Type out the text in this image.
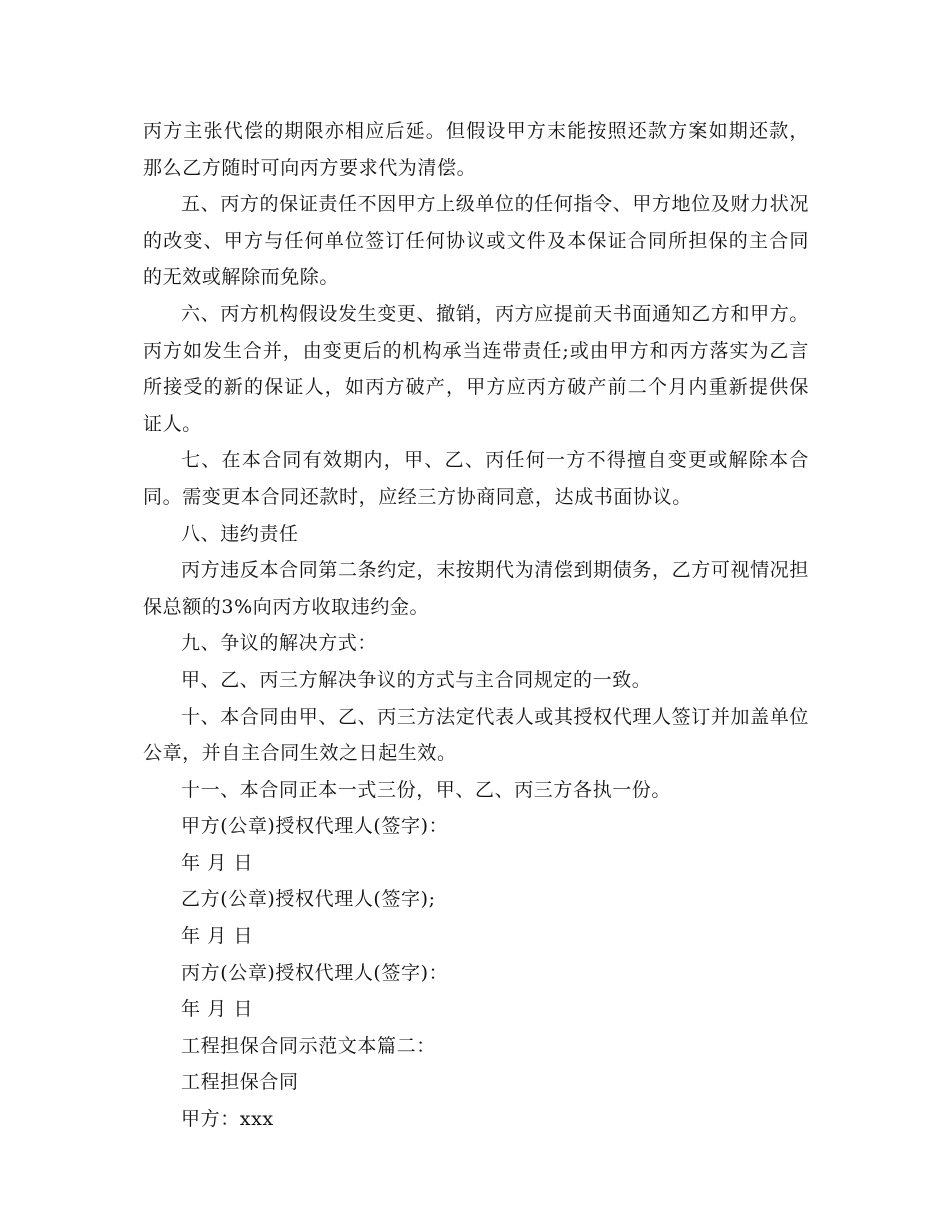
丙方主张代偿的期限亦相应后延。但假设甲方末能按照还款方案如期还款，那么乙方随时可向丙方要求代为清偿。

五、丙方的保证责任不因甲方上级单位的任何指令、甲方地位及财力状况的改变、甲方与任何单位签订任何协议或文件及本保证合同所担保的主合同的无效或解除而免除。

六、丙方机构假设发生变更、撤销，丙方应提前天书面通知乙方和甲方。丙方如发生合并，由变更后的机构承当连带责任;或由甲方和丙方落实为乙言所接受的新的保证人，如丙方破产，甲方应丙方破产前二个月内重新提供保证人。

七、在本合同有效期内，甲、乙、丙任何一方不得擅自变更或解除本合同。需变更本合同还款时，应经三方协商同意，达成书面协议。

八、违约责任

丙方违反本合同第二条约定，末按期代为清偿到期债务，乙方可视情况担保总额的3%向丙方收取违约金。

九、争议的解决方式：

甲、乙、丙三方解决争议的方式与主合同规定的一致。

十、本合同由甲、乙、丙三方法定代表人或其授权代理人签订并加盖单位公章，并自主合同生效之日起生效。

十一、本合同正本一式三份，甲、乙、丙三方各执一份。

甲方(公章)授权代理人(签字)：

年 月 日

乙方(公章)授权代理人(签字);

年 月 日

丙方(公章)授权代理人(签字)：

年 月 日

工程担保合同示范文本篇二：

工程担保合同

甲方：xxx
